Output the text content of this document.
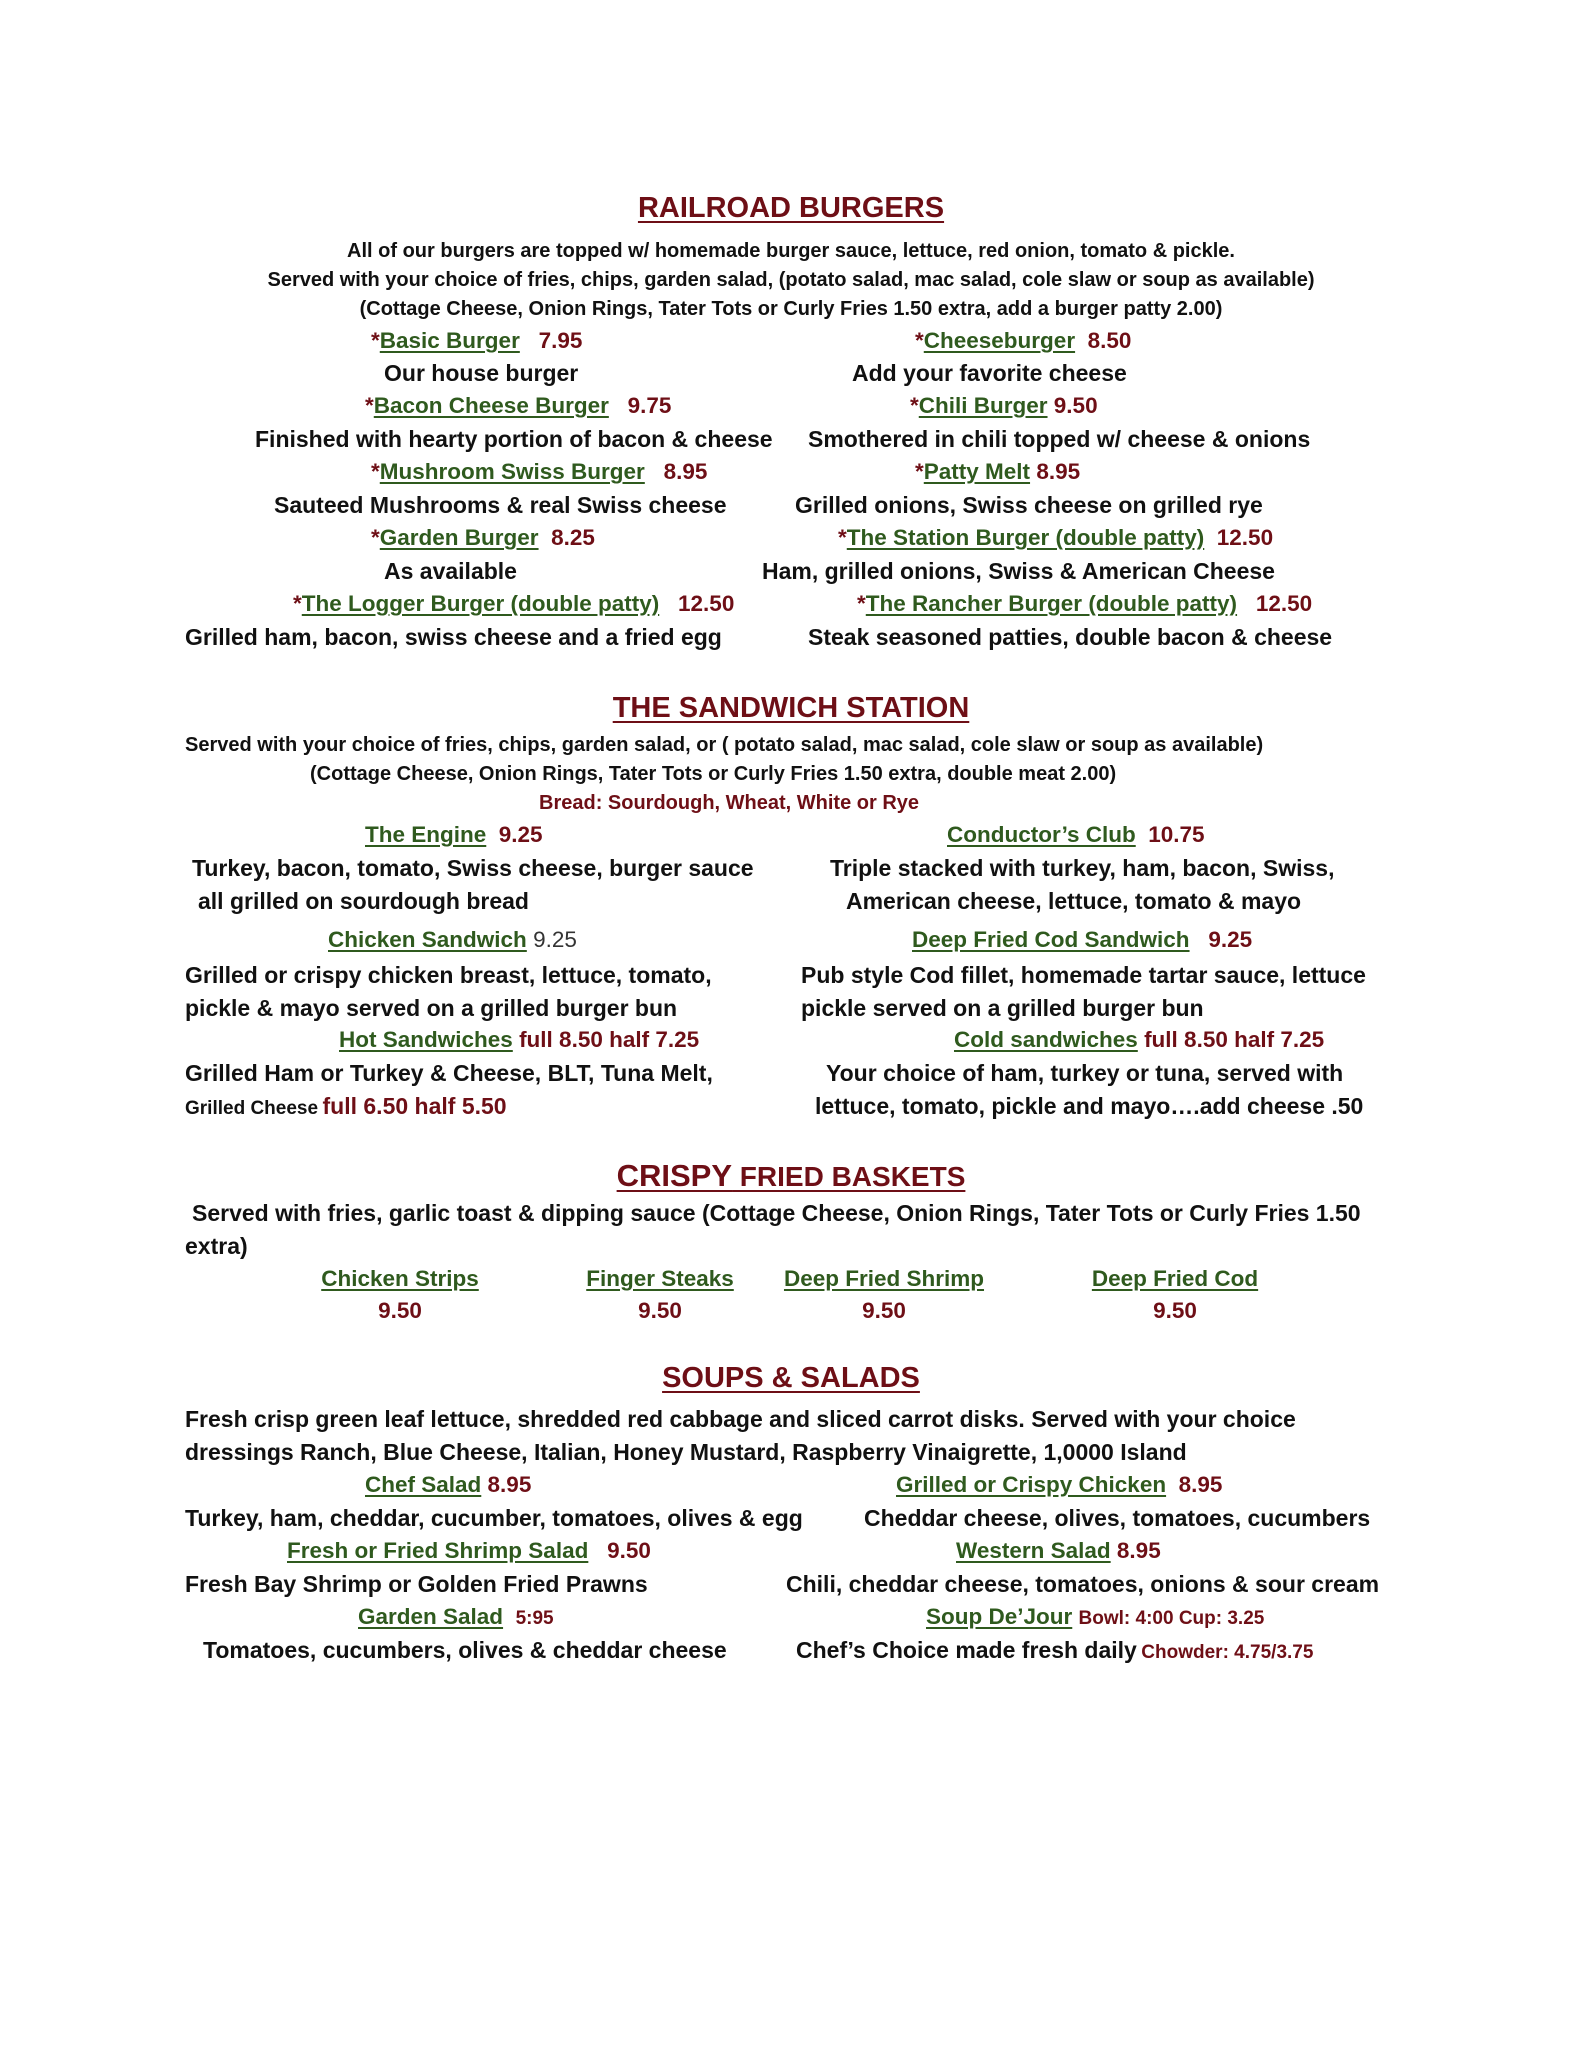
RAILROAD BURGERS
All of our burgers are topped w/ homemade burger sauce, lettuce, red onion, tomato & pickle.
Served with your choice of fries, chips, garden salad, (potato salad, mac salad, cole slaw or soup as available)
(Cottage Cheese, Onion Rings, Tater Tots or Curly Fries 1.50 extra, add a burger patty 2.00)
*Basic Burger 7.95	*Cheeseburger 8.50
Our house burger	Add your favorite cheese
*Bacon Cheese Burger 9.75	*Chili Burger 9.50
Finished with hearty portion of bacon & cheese Smothered in chili topped w/ cheese & onions
*Mushroom Swiss Burger 8.95	*Patty Melt 8.95
Sauteed Mushrooms & real Swiss cheese	Grilled onions, Swiss cheese on grilled rye
*Garden Burger 8.25	*The Station Burger (double patty) 12.50
As available	Ham, grilled onions, Swiss & American Cheese
*The Logger Burger (double patty) 12.50	*The Rancher Burger (double patty) 12.50
Grilled ham, bacon, swiss cheese and a fried egg	Steak seasoned patties, double bacon & cheese
THE SANDWICH STATION
Served with your choice of fries, chips, garden salad, or ( potato salad, mac salad, cole slaw or soup as available)
(Cottage Cheese, Onion Rings, Tater Tots or Curly Fries 1.50 extra, double meat 2.00)
Bread: Sourdough, Wheat, White or Rye
The Engine 9.25	Conductor’s Club 10.75
Turkey, bacon, tomato, Swiss cheese, burger sauce
all grilled on sourdough bread
Triple stacked with turkey, ham, bacon, Swiss,
American cheese, lettuce, tomato & mayo
Chicken Sandwich 9.25	Deep Fried Cod Sandwich 9.25
Grilled or crispy chicken breast, lettuce, tomato,
pickle & mayo served on a grilled burger bun
Pub style Cod fillet, homemade tartar sauce, lettuce
pickle served on a grilled burger bun
Hot Sandwiches full 8.50 half 7.25	Cold sandwiches full 8.50 half 7.25
Grilled Ham or Turkey & Cheese, BLT, Tuna Melt,
Grilled Cheese full 6.50 half 5.50
Your choice of ham, turkey or tuna, served with
lettuce, tomato, pickle and mayo….add cheese .50
CRISPY FRIED BASKETS
Served with fries, garlic toast & dipping sauce (Cottage Cheese, Onion Rings, Tater Tots or Curly Fries 1.50
extra)
Chicken Strips
9.50
Finger Steaks
9.50
Deep Fried Shrimp
9.50
Deep Fried Cod
9.50
SOUPS & SALADS
Fresh crisp green leaf lettuce, shredded red cabbage and sliced carrot disks. Served with your choice
dressings Ranch, Blue Cheese, Italian, Honey Mustard, Raspberry Vinaigrette, 1,0000 Island
Chef Salad 8.95	Grilled or Crispy Chicken 8.95
Turkey, ham, cheddar, cucumber, tomatoes, olives & egg	Cheddar cheese, olives, tomatoes, cucumbers
Fresh or Fried Shrimp Salad 9.50	Western Salad 8.95
Fresh Bay Shrimp or Golden Fried Prawns	Chili, cheddar cheese, tomatoes, onions & sour cream
Garden Salad 5:95	Soup De’Jour Bowl: 4:00 Cup: 3.25
Tomatoes, cucumbers, olives & cheddar cheese	Chef’s Choice made fresh daily Chowder: 4.75/3.75
